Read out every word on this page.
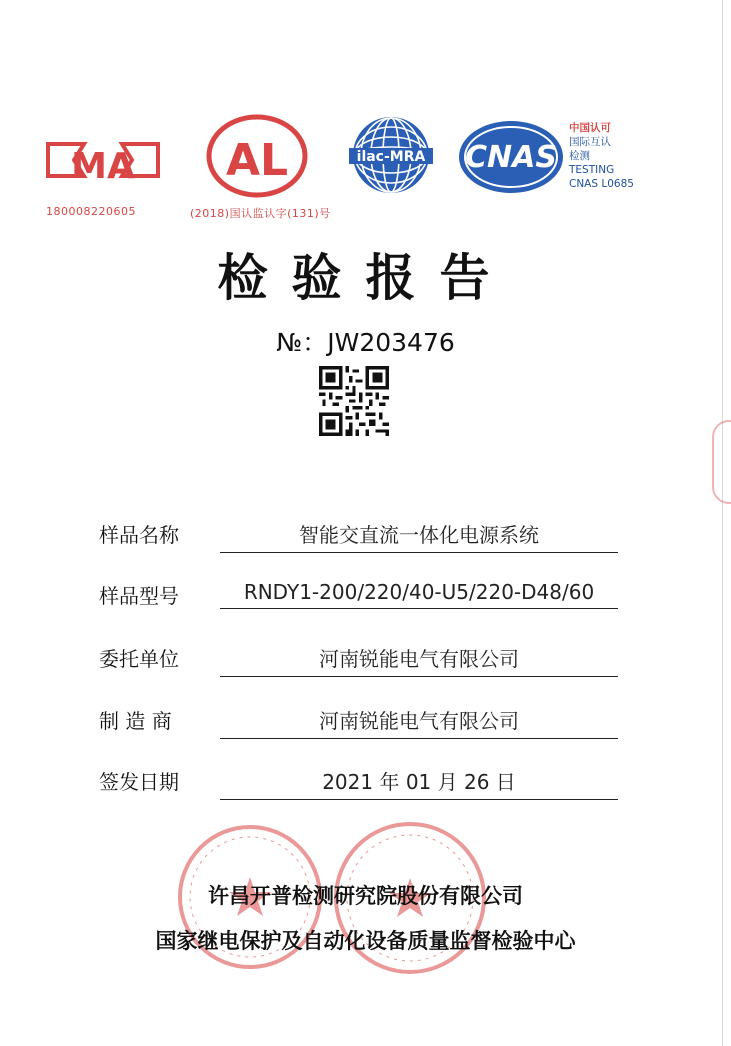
MA
180008220605
AL
(2018)国认监认字(131)号
ilac-MRA CNAS
中国认可
国际互认
检测
TESTING
CNAS L0685
检验报告
№：JW203476
样品名称	智能交直流一体化电源系统
样品型号	RNDY1-200/220/40-U5/220-D48/60
委托单位	河南锐能电气有限公司
制 造 商	河南锐能电气有限公司
签发日期	2021 年 01 月 26 日
许昌开普检测研究院股份有限公司
国家继电保护及自动化设备质量监督检验中心
